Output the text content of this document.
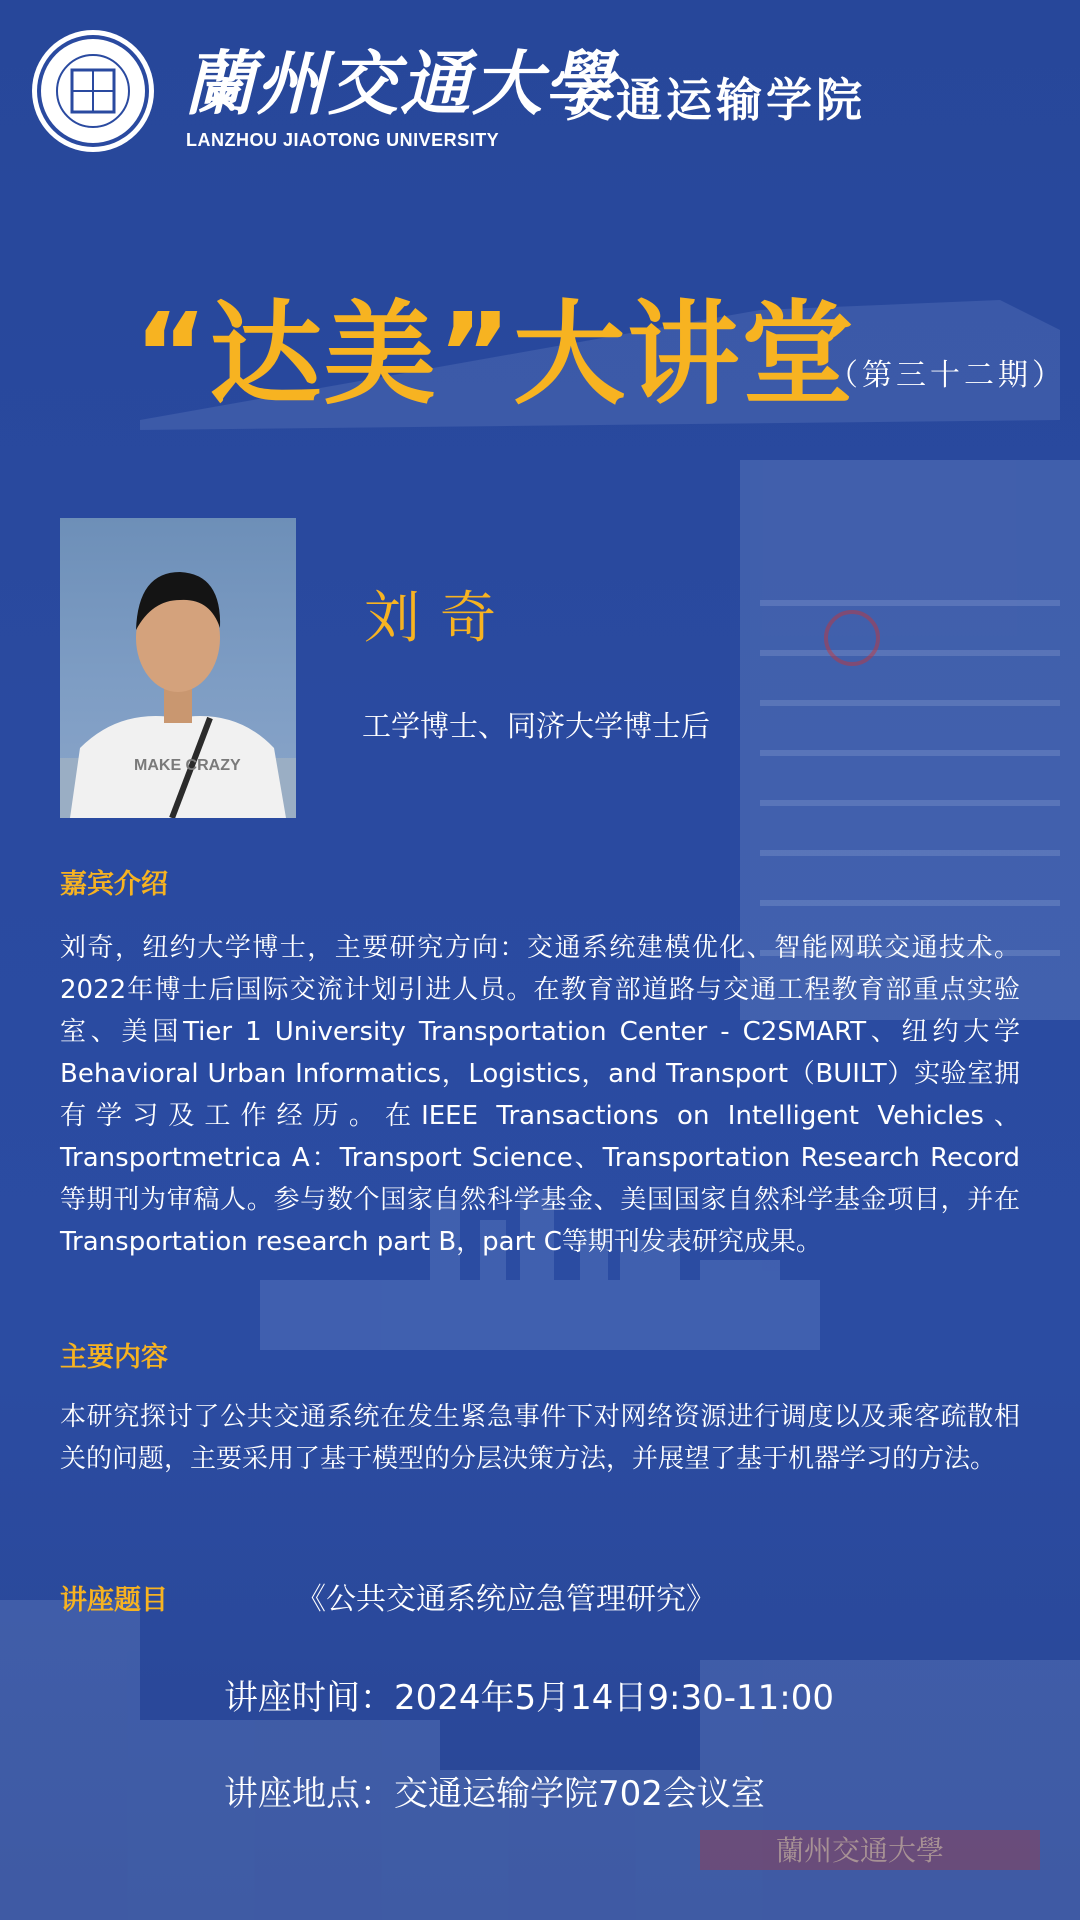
蘭州交通大學
蘭州交通大學
LANZHOU JIAOTONG UNIVERSITY
交通运输学院
“达美”大讲堂
（第三十二期）
MAKE CRAZY
刘奇
工学博士、同济大学博士后
嘉宾介绍
刘奇，纽约大学博士，主要研究方向：交通系统建模优化、智能网联交通技术。2022年博士后国际交流计划引进人员。在教育部道路与交通工程教育部重点实验室、美国Tier 1 University Transportation Center - C2SMART、纽约大学 Behavioral Urban Informatics，Logistics，and Transport（BUILT）实验室拥有学习及工作经历。在IEEE Transactions on Intelligent Vehicles、Transportmetrica A：Transport Science、Transportation Research Record等期刊为审稿人。参与数个国家自然科学基金、美国国家自然科学基金项目，并在Transportation research part B，part C等期刊发表研究成果。
主要内容
本研究探讨了公共交通系统在发生紧急事件下对网络资源进行调度以及乘客疏散相关的问题，主要采用了基于模型的分层决策方法，并展望了基于机器学习的方法。
讲座题目	《公共交通系统应急管理研究》
讲座时间：2024年5月14日9:30-11:00
讲座地点：交通运输学院702会议室
